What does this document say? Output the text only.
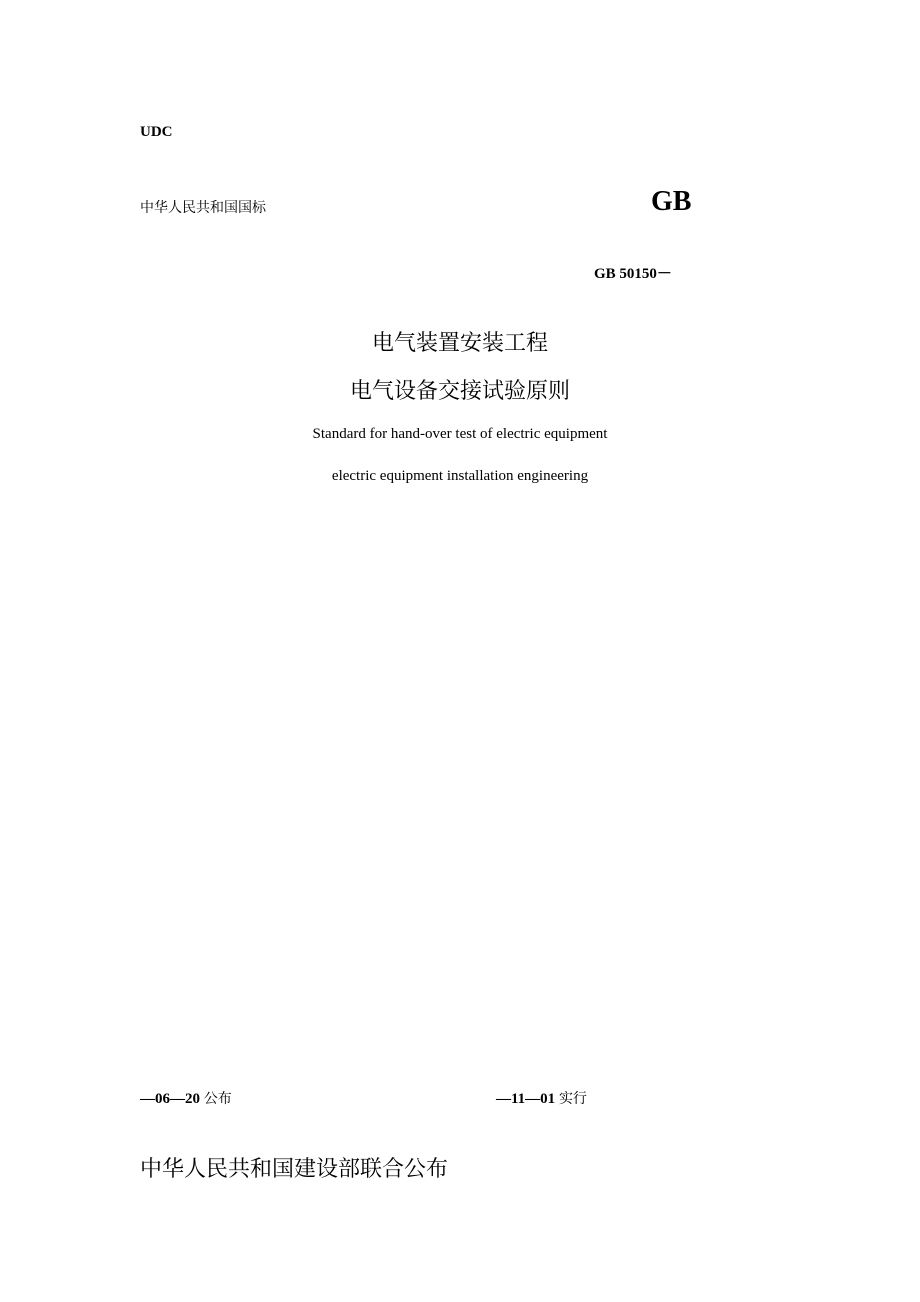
UDC
中华人民共和国国标	GB
GB 50150－
电气装置安装工程
电气设备交接试验原则
Standard for hand-over test of electric equipment
electric equipment installation engineering
—06—20 公布	—11—01 实行
中华人民共和国建设部联合公布
